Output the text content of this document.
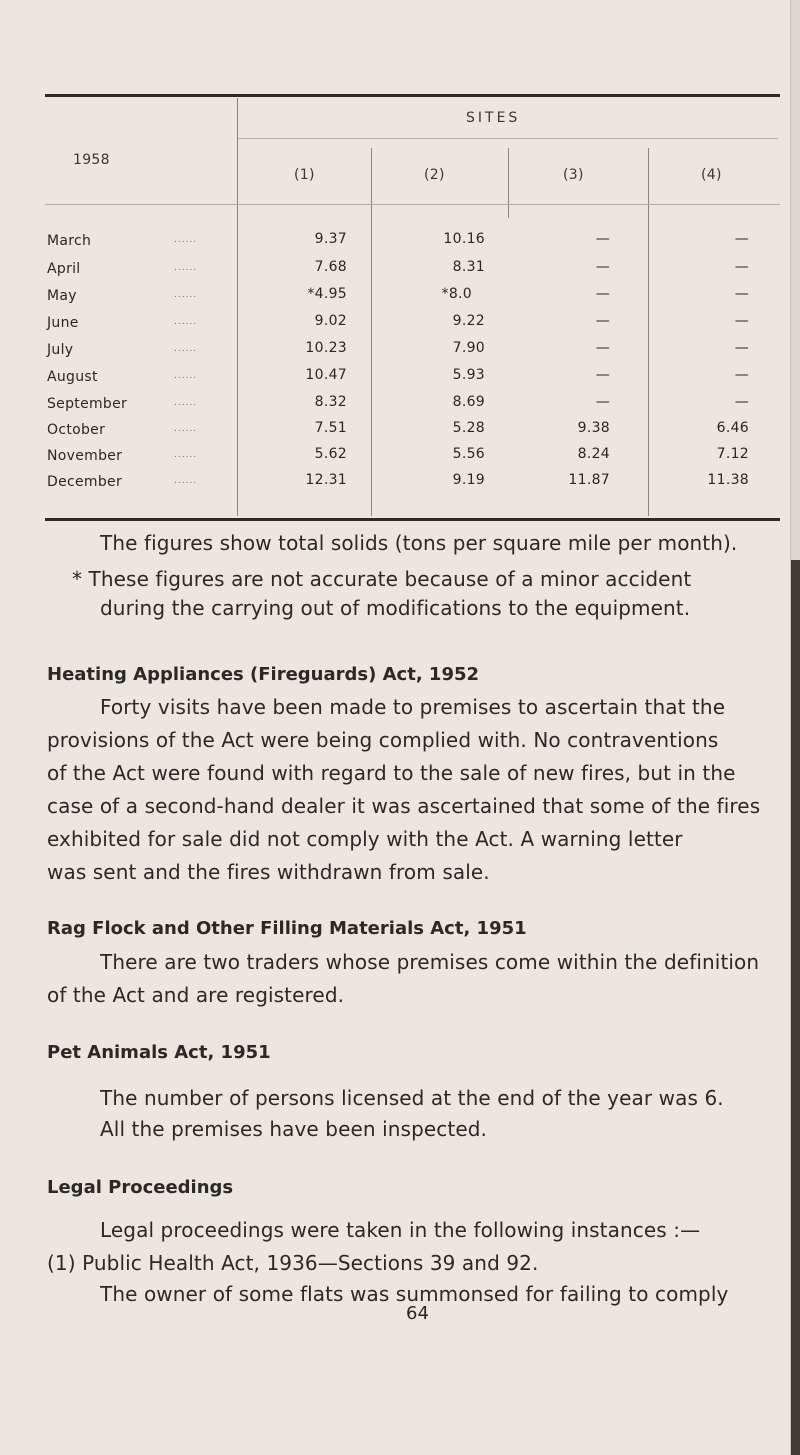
1958
SITES
(1)	(2)	(3)	(4)
March	......	9.37	10.16	—	—
April	......	7.68	8.31	—	—
May	......	*4.95	*8.0	—	—
June	......	9.02	9.22	—	—
July	......	10.23	7.90	—	—
August	......	10.47	5.93	—	—
September	......	8.32	8.69	—	—
October	......	7.51	5.28	9.38	6.46
November	......	5.62	5.56	8.24	7.12
December	......	12.31	9.19	11.87	11.38
The figures show total solids (tons per square mile per month).
* These figures are not accurate because of a minor accident
during the carrying out of modifications to the equipment.
Heating Appliances (Fireguards) Act, 1952
Forty visits have been made to premises to ascertain that the
provisions of the Act were being complied with. No contraventions
of the Act were found with regard to the sale of new fires, but in the
case of a second-hand dealer it was ascertained that some of the fires
exhibited for sale did not comply with the Act. A warning letter
was sent and the fires withdrawn from sale.
Rag Flock and Other Filling Materials Act, 1951
There are two traders whose premises come within the definition
of the Act and are registered.
Pet Animals Act, 1951
The number of persons licensed at the end of the year was 6.
All the premises have been inspected.
Legal Proceedings
Legal proceedings were taken in the following instances :—
(1) Public Health Act, 1936—Sections 39 and 92.
The owner of some flats was summonsed for failing to comply
64
